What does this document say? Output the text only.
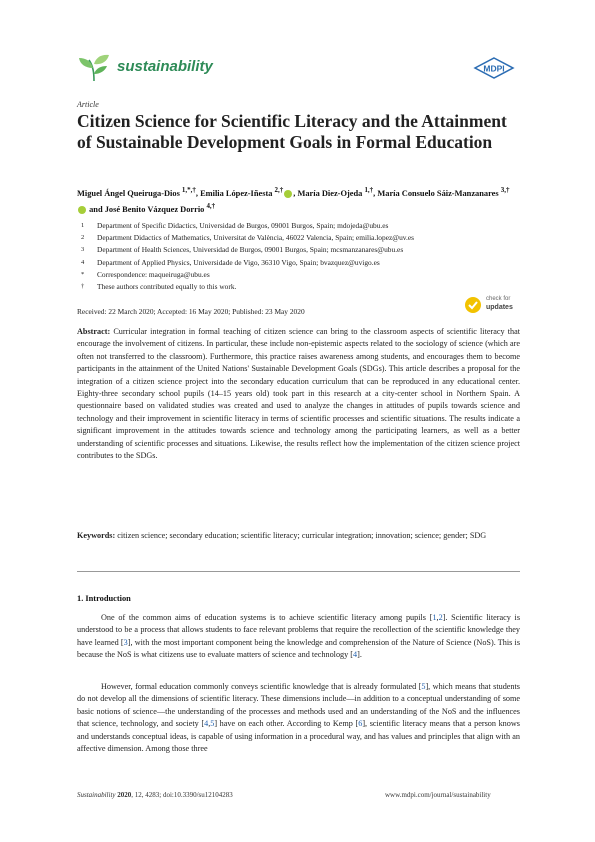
sustainability	MDPI
Article
Citizen Science for Scientific Literacy and the Attainment of Sustainable Development Goals in Formal Education
Miguel Ángel Queiruga-Dios $^{1,*,\dagger}$, Emilia López-Iñesta $^{2,\dagger}$ , María Diez-Ojeda $^{1,\dagger}$, María Consuelo Sáiz-Manzanares $^{3,\dagger}$ and José Benito Vázquez Dorrio $^{4,\dagger}$
1 Department of Specific Didactics, Universidad de Burgos, 09001 Burgos, Spain; mdojeda@ubu.es
2 Department Didactics of Mathematics, Universitat de València, 46022 Valencia, Spain; emilia.lopez@uv.es
3 Department of Health Sciences, Universidad de Burgos, 09001 Burgos, Spain; mcsmanzanares@ubu.es
4 Department of Applied Physics, Universidade de Vigo, 36310 Vigo, Spain; bvazquez@uvigo.es
* Correspondence: maqueiruga@ubu.es
† These authors contributed equally to this work.
Received: 22 March 2020; Accepted: 16 May 2020; Published: 23 May 2020
check for
updates
Abstract: Curricular integration in formal teaching of citizen science can bring to the classroom aspects of scientific literacy that encourage the involvement of citizens. In particular, these include non-epistemic aspects related to the sociology of science (which are often not transferred to the classroom). Furthermore, this practice raises awareness among students, and encourages them to become participants in the attainment of the United Nations' Sustainable Development Goals (SDGs). This article describes a proposal for the integration of a citizen science project into the secondary education curriculum that can be reproduced in any educational center. Eighty-three secondary school pupils (14–15 years old) took part in this research at a city-center school in Northern Spain. A questionnaire based on validated studies was created and used to analyze the changes in attitudes of pupils towards science and technology and their improvement in scientific literacy in terms of scientific processes and scientific situations. The results indicate a significant improvement in the attitudes towards science and technology among the participating learners, as well as a better understanding of scientific processes and situations. Likewise, the results reflect how the implementation of the citizen science project contributes to the SDGs.
Keywords: citizen science; secondary education; scientific literacy; curricular integration; innovation; science; gender; SDG
1. Introduction
One of the common aims of education systems is to achieve scientific literacy among pupils [1,2]. Scientific literacy is understood to be a process that allows students to face relevant problems that require the recollection of the scientific knowledge they have learned [3], with the most important component being the knowledge and comprehension of the Nature of Science (NoS). This is because the NoS is what citizens use to evaluate matters of science and technology [4].
However, formal education commonly conveys scientific knowledge that is already formulated [5], which means that students do not develop all the dimensions of scientific literacy. These dimensions include—in addition to a conceptual understanding of some basic notions of science—the understanding of the processes and methods used and an understanding of the NoS and the influences that science, technology, and society [4,5] have on each other. According to Kemp [6], scientific literacy means that a person knows and understands conceptual ideas, is capable of using information in a procedural way, and has values and principles that align with an affective dimension. Among those three
Sustainability 2020, 12, 4283; doi:10.3390/su12104283	www.mdpi.com/journal/sustainability
